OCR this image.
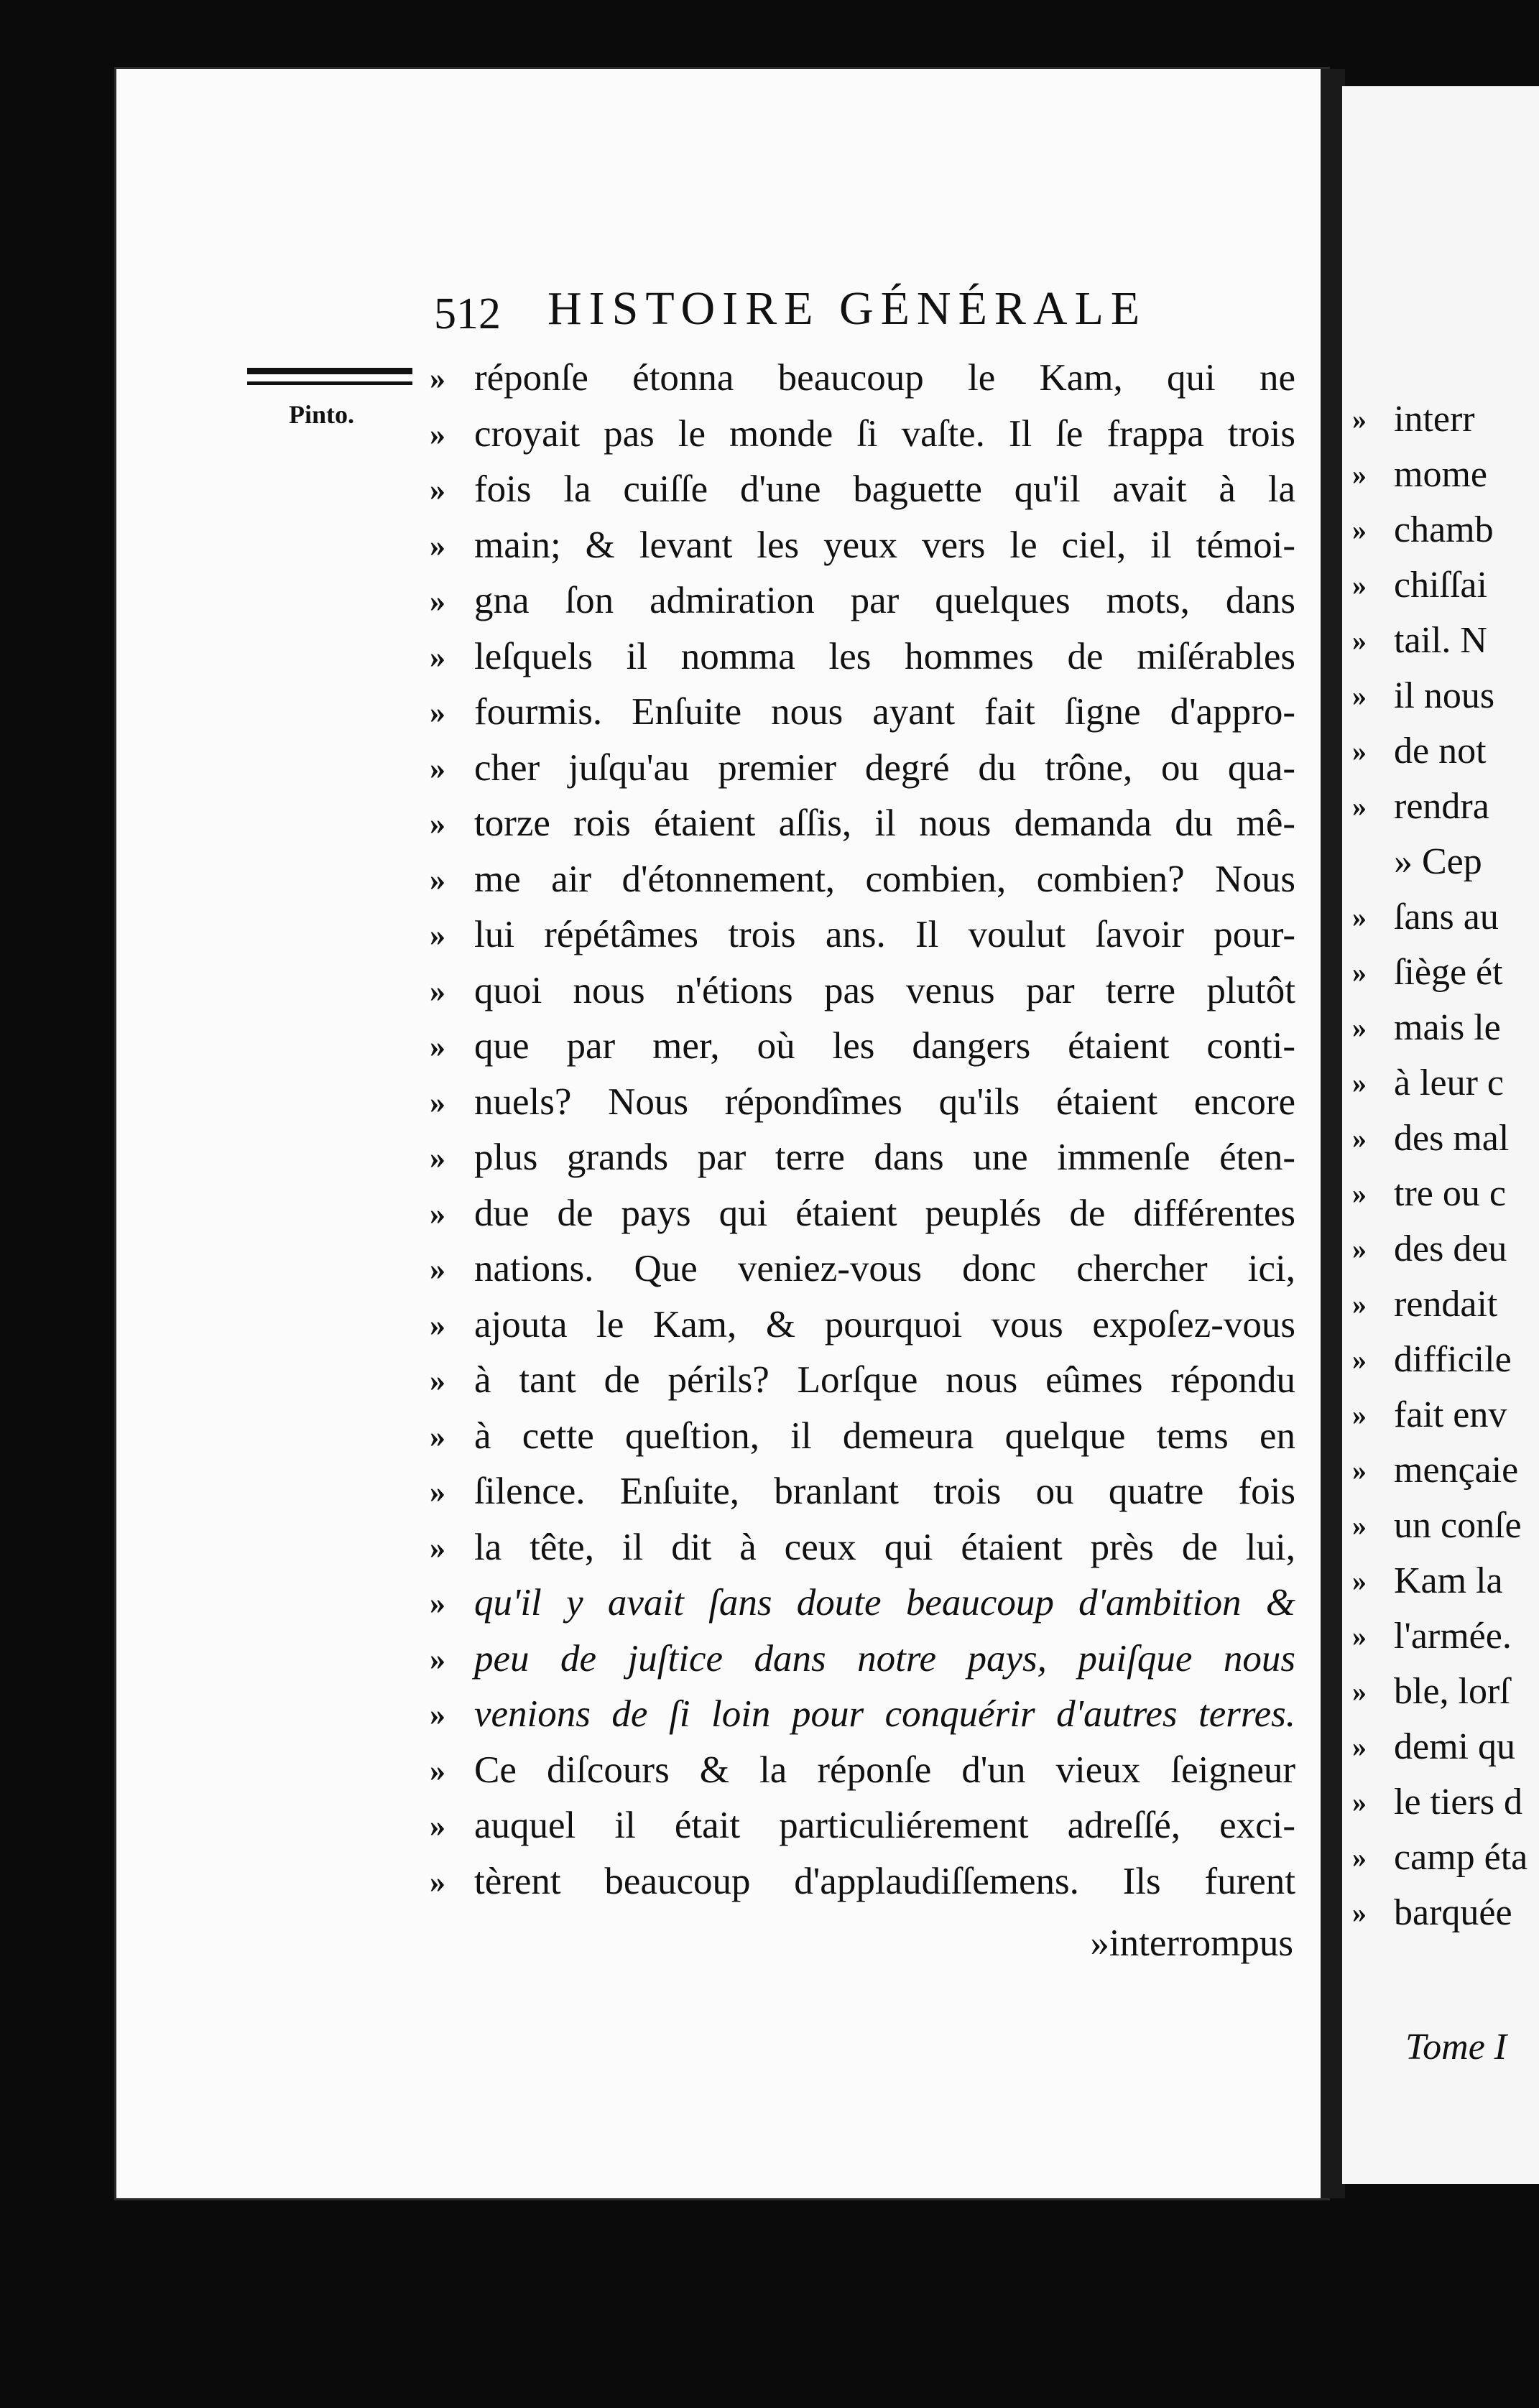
512 HISTOIRE GÉNÉRALE
Pinto.
» réponſe étonna beaucoup le Kam, qui ne
» croyait pas le monde ſi vaſte. Il ſe frappa trois
» fois la cuiſſe d'une baguette qu'il avait à la
» main; & levant les yeux vers le ciel, il témoi-
» gna ſon admiration par quelques mots, dans
» leſquels il nomma les hommes de miſérables
» fourmis. Enſuite nous ayant fait ſigne d'appro-
» cher juſqu'au premier degré du trône, ou qua-
» torze rois étaient aſſis, il nous demanda du mê-
» me air d'étonnement, combien, combien? Nous
» lui répétâmes trois ans. Il voulut ſavoir pour-
» quoi nous n'étions pas venus par terre plutôt
» que par mer, où les dangers étaient conti-
» nuels? Nous répondîmes qu'ils étaient encore
» plus grands par terre dans une immenſe éten-
» due de pays qui étaient peuplés de différentes
» nations. Que veniez-vous donc chercher ici,
» ajouta le Kam, & pourquoi vous expoſez-vous
» à tant de périls? Lorſque nous eûmes répondu
» à cette queſtion, il demeura quelque tems en
» ſilence. Enſuite, branlant trois ou quatre fois
» la tête, il dit à ceux qui étaient près de lui,
» qu'il y avait ſans doute beaucoup d'ambition &
» peu de juſtice dans notre pays, puiſque nous
» venions de ſi loin pour conquérir d'autres terres.
» Ce diſcours & la réponſe d'un vieux ſeigneur
» auquel il était particuliérement adreſſé, exci-
» tèrent beaucoup d'applaudiſſemens. Ils furent
»interrompus
» interr
» mome
» chamb
» chiſſai
» tail. N
» il nous
» de not
» rendra
» Cep
» ſans au
» ſiège ét
» mais le
» à leur c
» des mal
» tre ou c
» des deu
» rendait
» difficile
» fait env
» mençaie
» un conſe
» Kam la
» l'armée.
» ble, lorſ
» demi qu
» le tiers d
» camp éta
» barquée
Tome I
